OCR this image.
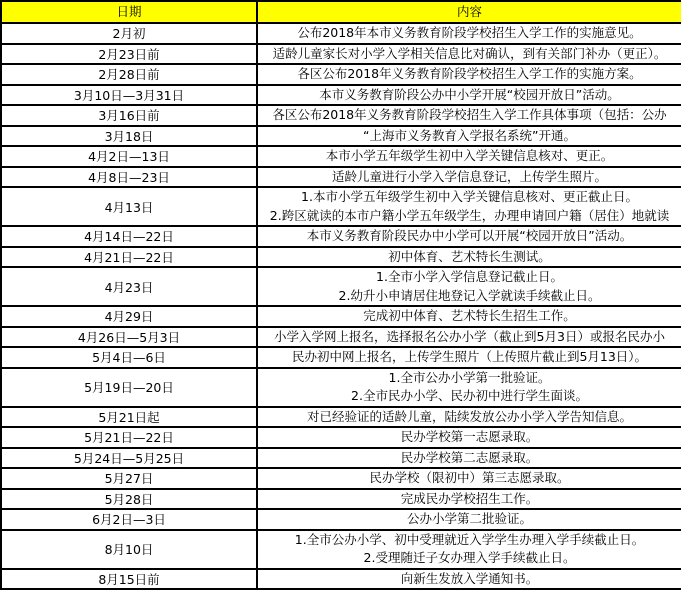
日期	内容
2月初	公布2018年本市义务教育阶段学校招生入学工作的实施意见。

2月23日前	适龄儿童家长对小学入学相关信息比对确认，到有关部门补办（更正）。

2月28日前	各区公布2018年义务教育阶段学校招生入学工作的实施方案。

3月10日—3月31日	本市义务教育阶段公办中小学开展“校园开放日”活动。

3月16日前	各区公布2018年义务教育阶段学校招生入学工作具体事项（包括：公办

3月18日	“上海市义务教育入学报名系统”开通。

4月2日—13日	本市小学五年级学生初中入学关键信息核对、更正。

4月8日—23日	适龄儿童进行小学入学信息登记，上传学生照片。

4月13日	1.本市小学五年级学生初中入学关键信息核对、更正截止日。
2.跨区就读的本市户籍小学五年级学生，办理申请回户籍（居住）地就读

4月14日—22日	本市义务教育阶段民办中小学可以开展“校园开放日”活动。

4月21日—22日	初中体育、艺术特长生测试。

4月23日	1.全市小学入学信息登记截止日。
2.幼升小申请居住地登记入学就读手续截止日。

4月29日	完成初中体育、艺术特长生招生工作。

4月26日—5月3日	小学入学网上报名，选择报名公办小学（截止到5月3日）或报名民办小

5月4日—6日	民办初中网上报名，上传学生照片（上传照片截止到5月13日）。

5月19日—20日	1.全市公办小学第一批验证。
2.全市民办小学、民办初中进行学生面谈。

5月21日起	对已经验证的适龄儿童，陆续发放公办小学入学告知信息。

5月21日—22日	民办学校第一志愿录取。

5月24日—5月25日	民办学校第二志愿录取。

5月27日	民办学校（限初中）第三志愿录取。

5月28日	完成民办学校招生工作。

6月2日—3日	公办小学第二批验证。

8月10日	1.全市公办小学、初中受理就近入学学生办理入学手续截止日。
2.受理随迁子女办理入学手续截止日。

8月15日前	向新生发放入学通知书。
